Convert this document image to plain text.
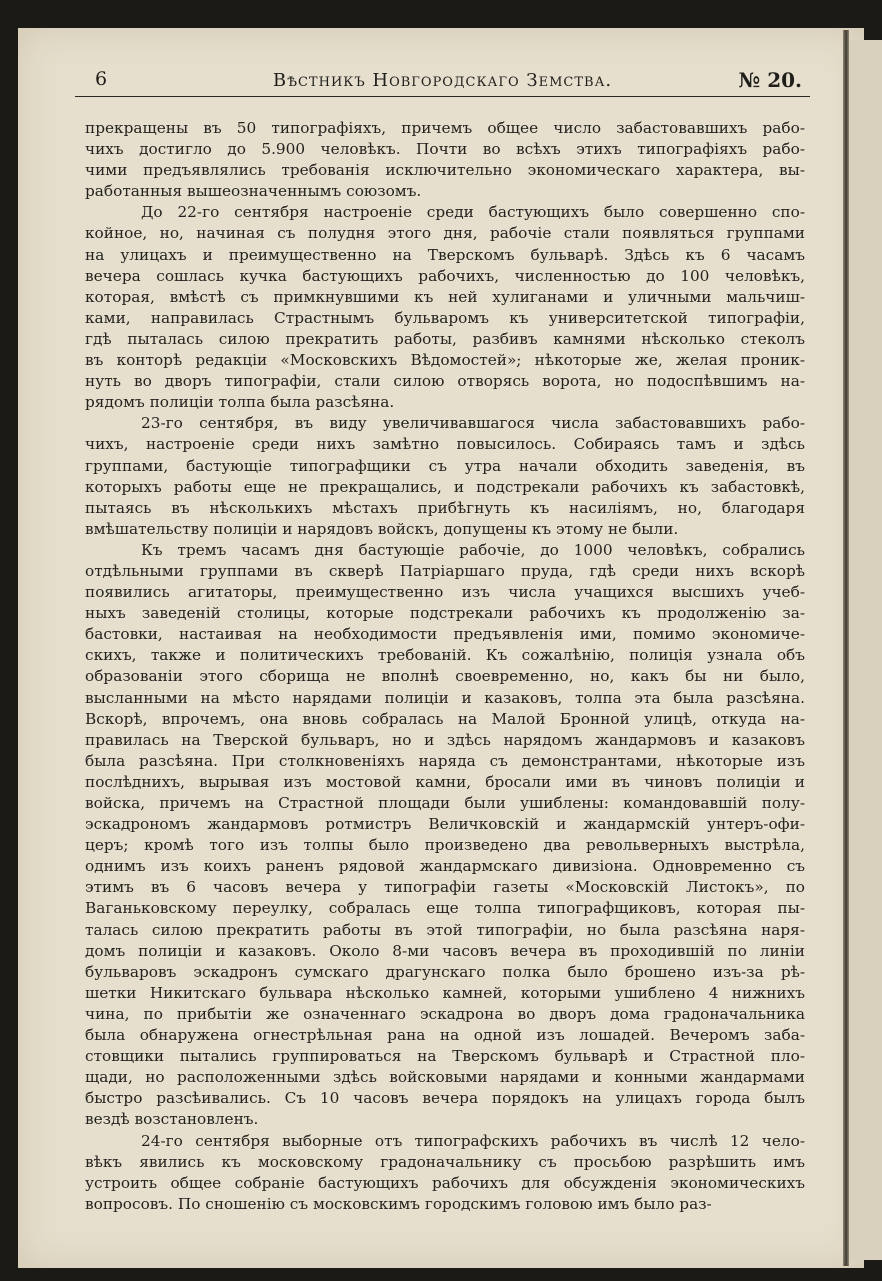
6	Вѣстникъ Новгородскаго Земства.	№ 20.

прекращены въ 50 типографіяхъ, причемъ общее число забастовавшихъ рабо-
чихъ достигло до 5.900 человѣкъ. Почти во всѣхъ этихъ типографіяхъ рабо-
чими предъявлялись требованія исключительно экономическаго характера, вы-
работанныя вышеозначеннымъ союзомъ.

До 22-го сентября настроеніе среди бастующихъ было совершенно спо-
койное, но, начиная съ полудня этого дня, рабочіе стали появляться группами
на улицахъ и преимущественно на Тверскомъ бульварѣ. Здѣсь къ 6 часамъ
вечера сошлась кучка бастующихъ рабочихъ, численностью до 100 человѣкъ,
которая, вмѣстѣ съ примкнувшими къ ней хулиганами и уличными мальчиш-
ками, направилась Страстнымъ бульваромъ къ университетской типографіи,
гдѣ пыталась силою прекратить работы, разбивъ камнями нѣсколько стеколъ
въ конторѣ редакціи «Московскихъ Вѣдомостей»; нѣкоторые же, желая проник-
нуть во дворъ типографіи, стали силою отворясь ворота, но подоспѣвшимъ на-
рядомъ полиціи толпа была разсѣяна.

23-го сентября, въ виду увеличивавшагося числа забастовавшихъ рабо-
чихъ, настроеніе среди нихъ замѣтно повысилось. Собираясь тамъ и здѣсь
группами, бастующіе типографщики съ утра начали обходить заведенія, въ
которыхъ работы еще не прекращались, и подстрекали рабочихъ къ забастовкѣ,
пытаясь въ нѣсколькихъ мѣстахъ прибѣгнуть къ насиліямъ, но, благодаря
вмѣшательству полиціи и нарядовъ войскъ, допущены къ этому не были.

Къ тремъ часамъ дня бастующіе рабочіе, до 1000 человѣкъ, собрались
отдѣльными группами въ скверѣ Патріаршаго пруда, гдѣ среди нихъ вскорѣ
появились агитаторы, преимущественно изъ числа учащихся высшихъ учеб-
ныхъ заведеній столицы, которые подстрекали рабочихъ къ продолженію за-
бастовки, настаивая на необходимости предъявленія ими, помимо экономиче-
скихъ, также и политическихъ требованій. Къ сожалѣнію, полиція узнала объ
образованіи этого сборища не вполнѣ своевременно, но, какъ бы ни было,
высланными на мѣсто нарядами полиціи и казаковъ, толпа эта была разсѣяна.
Вскорѣ, впрочемъ, она вновь собралась на Малой Бронной улицѣ, откуда на-
правилась на Тверской бульваръ, но и здѣсь нарядомъ жандармовъ и казаковъ
была разсѣяна. При столкновеніяхъ наряда съ демонстрантами, нѣкоторые изъ
послѣднихъ, вырывая изъ мостовой камни, бросали ими въ чиновъ полиціи и
войска, причемъ на Страстной площади были ушиблены: командовавшій полу-
эскадрономъ жандармовъ ротмистръ Величковскій и жандармскій унтеръ-офи-
церъ; кромѣ того изъ толпы было произведено два револьверныхъ выстрѣла,
однимъ изъ коихъ раненъ рядовой жандармскаго дивизіона. Одновременно съ
этимъ въ 6 часовъ вечера у типографіи газеты «Московскій Листокъ», по
Ваганьковскому переулку, собралась еще толпа типографщиковъ, которая пы-
талась силою прекратить работы въ этой типографіи, но была разсѣяна наря-
домъ полиціи и казаковъ. Около 8-ми часовъ вечера въ проходившій по линіи
бульваровъ эскадронъ сумскаго драгунскаго полка было брошено изъ-за рѣ-
шетки Никитскаго бульвара нѣсколько камней, которыми ушиблено 4 нижнихъ
чина, по прибытіи же означеннаго эскадрона во дворъ дома градоначальника
была обнаружена огнестрѣльная рана на одной изъ лошадей. Вечеромъ заба-
стовщики пытались группироваться на Тверскомъ бульварѣ и Страстной пло-
щади, но расположенными здѣсь войсковыми нарядами и конными жандармами
быстро разсѣивались. Съ 10 часовъ вечера порядокъ на улицахъ города былъ
вездѣ возстановленъ.

24-го сентября выборные отъ типографскихъ рабочихъ въ числѣ 12 чело-
вѣкъ явились къ московскому градоначальнику съ просьбою разрѣшить имъ
устроить общее собраніе бастующихъ рабочихъ для обсужденія экономическихъ
вопросовъ. По сношенію съ московскимъ городскимъ головою имъ было раз-
